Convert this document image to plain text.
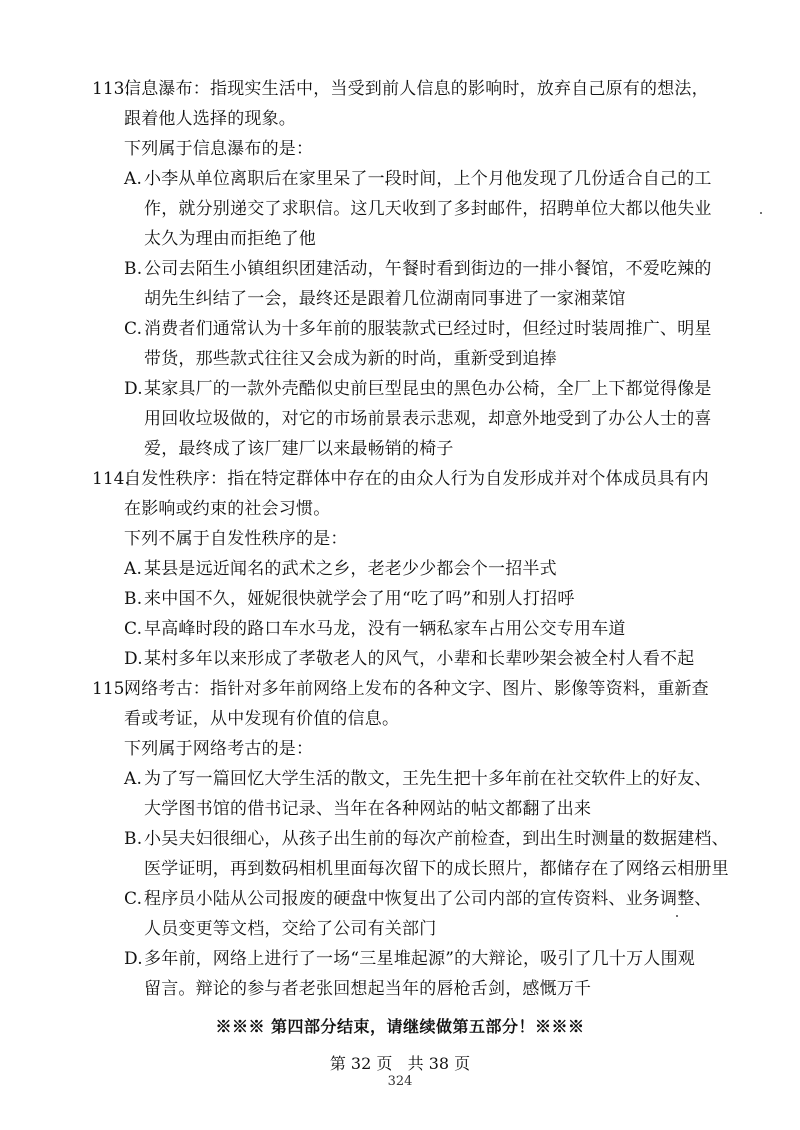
113.
信息瀑布：指现实生活中，当受到前人信息的影响时，放弃自己原有的想法，
跟着他人选择的现象。
下列属于信息瀑布的是：
A. 小李从单位离职后在家里呆了一段时间，上个月他发现了几份适合自己的工
作，就分别递交了求职信。这几天收到了多封邮件，招聘单位大都以他失业
太久为理由而拒绝了他
B. 公司去陌生小镇组织团建活动，午餐时看到街边的一排小餐馆，不爱吃辣的
胡先生纠结了一会，最终还是跟着几位湖南同事进了一家湘菜馆
C. 消费者们通常认为十多年前的服装款式已经过时，但经过时装周推广、明星
带货，那些款式往往又会成为新的时尚，重新受到追捧
D. 某家具厂的一款外壳酷似史前巨型昆虫的黑色办公椅，全厂上下都觉得像是
用回收垃圾做的，对它的市场前景表示悲观，却意外地受到了办公人士的喜
爱，最终成了该厂建厂以来最畅销的椅子
114.
自发性秩序：指在特定群体中存在的由众人行为自发形成并对个体成员具有内
在影响或约束的社会习惯。
下列不属于自发性秩序的是：
A. 某县是远近闻名的武术之乡，老老少少都会个一招半式
B. 来中国不久，娅妮很快就学会了用“吃了吗”和别人打招呼
C. 早高峰时段的路口车水马龙，没有一辆私家车占用公交专用车道
D. 某村多年以来形成了孝敬老人的风气，小辈和长辈吵架会被全村人看不起
115.
网络考古：指针对多年前网络上发布的各种文字、图片、影像等资料，重新查
看或考证，从中发现有价值的信息。
下列属于网络考古的是：
A. 为了写一篇回忆大学生活的散文，王先生把十多年前在社交软件上的好友、
大学图书馆的借书记录、当年在各种网站的帖文都翻了出来
B. 小吴夫妇很细心，从孩子出生前的每次产前检查，到出生时测量的数据建档、
医学证明，再到数码相机里面每次留下的成长照片，都储存在了网络云相册里
C. 程序员小陆从公司报废的硬盘中恢复出了公司内部的宣传资料、业务调整、
人员变更等文档，交给了公司有关部门
D. 多年前，网络上进行了一场“三星堆起源”的大辩论，吸引了几十万人围观
留言。辩论的参与者老张回想起当年的唇枪舌剑，感慨万千
※※※ 第四部分结束，请继续做第五部分！※※※
第 32 页   共 38 页
324
